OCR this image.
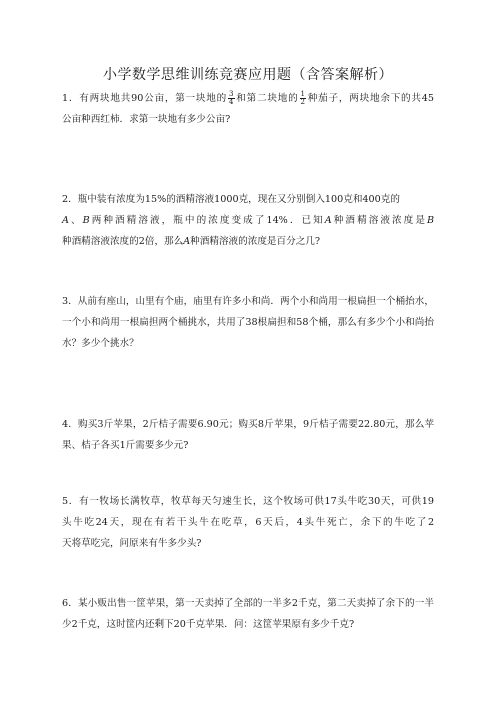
小学数学思维训练竞赛应用题（含答案解析）
1．有两块地共90公亩，第一块地的 $\frac{3}{4}$ 和第二块地的 $\frac{1}{2}$ 种茄子，两块地余下的共45公亩种西红柿．求第一块地有多少公亩?
2．瓶中装有浓度为15%的酒精溶液1000克，现在又分别倒入100克和400克的
A、B两种酒精溶液，瓶中的浓度变成了14%．已知A种酒精溶液浓度是B种酒精溶液浓度的2倍，那么A种酒精溶液的浓度是百分之几?
3．从前有座山，山里有个庙，庙里有许多小和尚．两个小和尚用一根扁担一个桶抬水，一个小和尚用一根扁担两个桶挑水，共用了38根扁担和58个桶，那么有多少个小和尚抬水？多少个挑水？
4．购买3斤苹果，2斤桔子需要6.90元；购买8斤苹果，9斤桔子需要22.80元，那么苹果、桔子各买1斤需要多少元?
5．有一牧场长满牧草，牧草每天匀速生长，这个牧场可供17头牛吃30天，可供19头牛吃24天，现在有若干头牛在吃草，6天后，4头牛死亡，余下的牛吃了2天将草吃完，问原来有牛多少头?
6．某小贩出售一筐苹果，第一天卖掉了全部的一半多2千克，第二天卖掉了余下的一半少2千克，这时筐内还剩下20千克苹果．问：这筐苹果原有多少千克?
